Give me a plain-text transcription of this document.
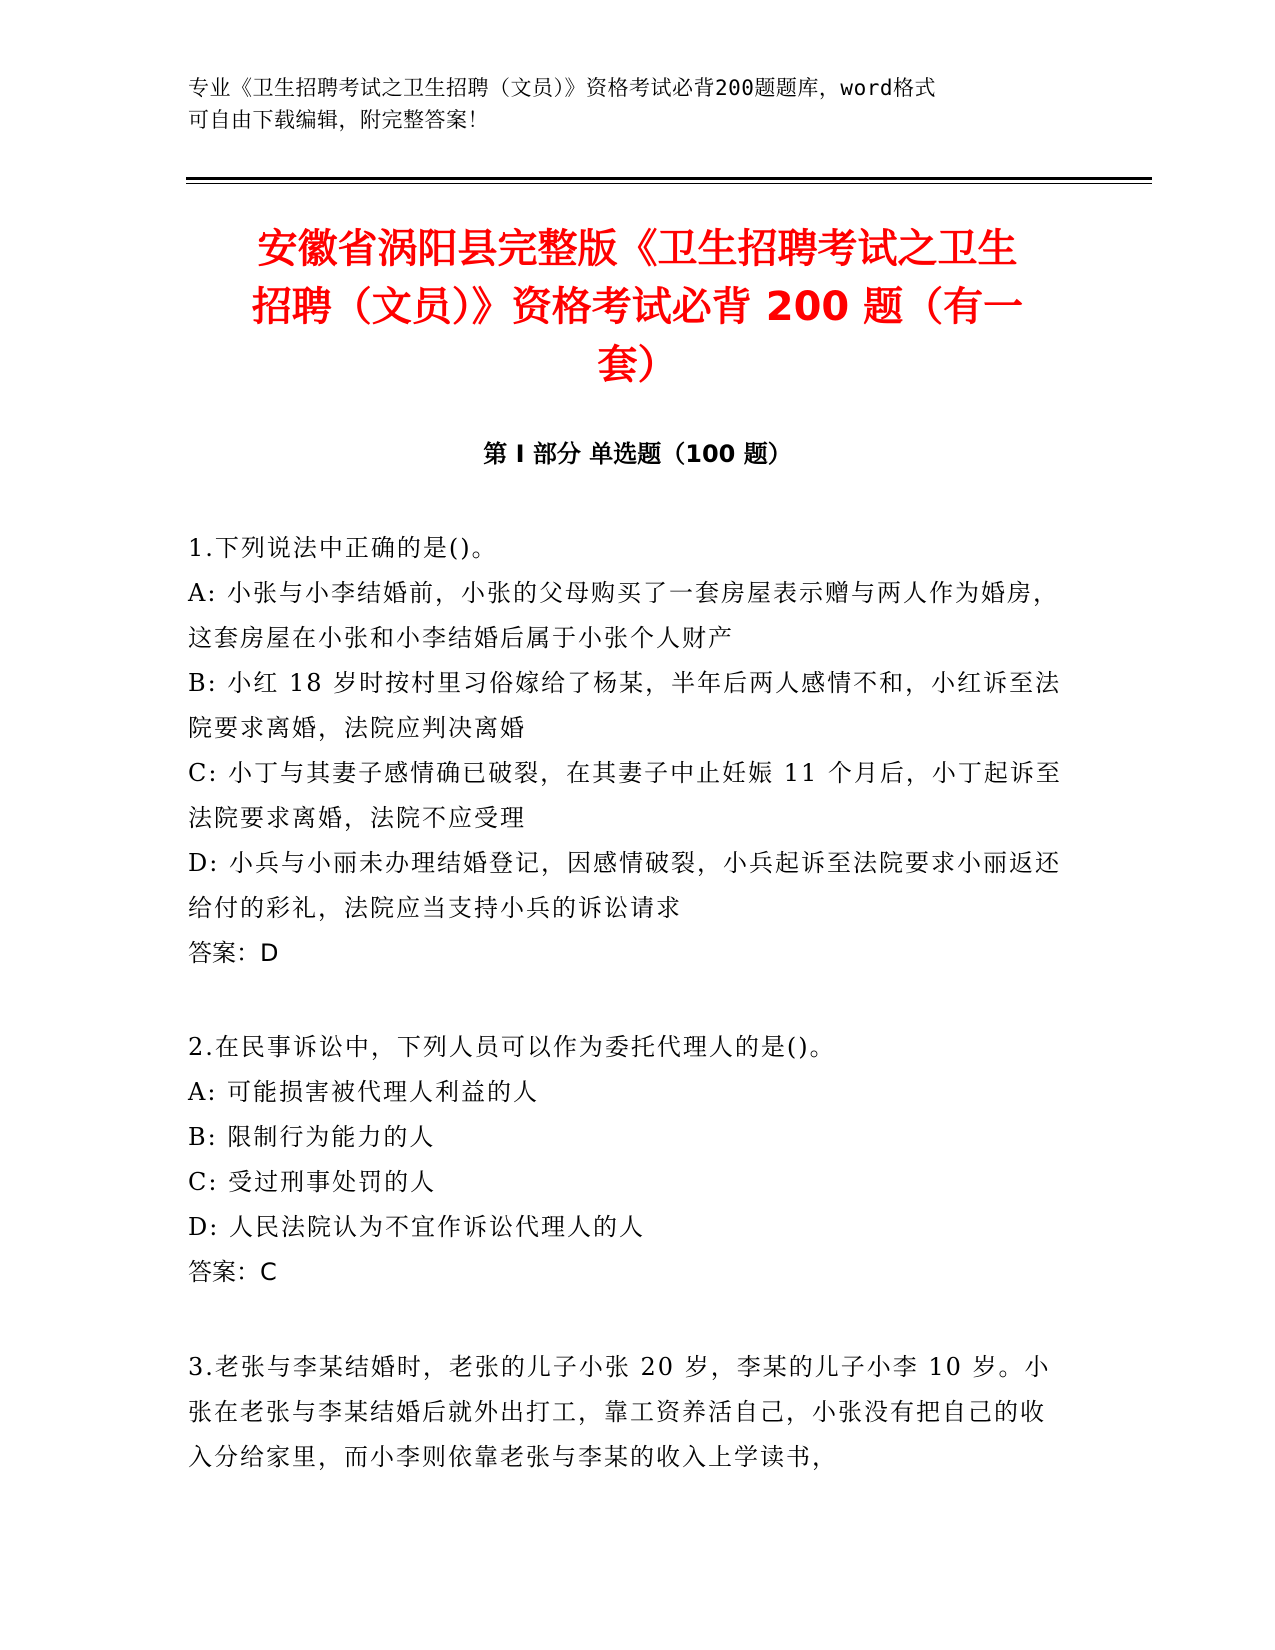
专业《卫生招聘考试之卫生招聘（文员）》资格考试必背200题题库，word格式
可自由下载编辑，附完整答案！
安徽省涡阳县完整版《卫生招聘考试之卫生
招聘（文员）》资格考试必背 200 题（有一
套）
第 I 部分 单选题（100 题）

1.下列说法中正确的是()。

A: 小张与小李结婚前，小张的父母购买了一套房屋表示赠与两人作为婚房，这套房屋在小张和小李结婚后属于小张个人财产

B: 小红 18 岁时按村里习俗嫁给了杨某，半年后两人感情不和，小红诉至法院要求离婚，法院应判决离婚

C: 小丁与其妻子感情确已破裂，在其妻子中止妊娠 11 个月后，小丁起诉至法院要求离婚，法院不应受理

D: 小兵与小丽未办理结婚登记，因感情破裂，小兵起诉至法院要求小丽返还给付的彩礼，法院应当支持小兵的诉讼请求

答案：D

2.在民事诉讼中，下列人员可以作为委托代理人的是()。

A: 可能损害被代理人利益的人

B: 限制行为能力的人

C: 受过刑事处罚的人

D: 人民法院认为不宜作诉讼代理人的人

答案：C

3.老张与李某结婚时，老张的儿子小张 20 岁，李某的儿子小李 10 岁。小张在老张与李某结婚后就外出打工，靠工资养活自己，小张没有把自己的收入分给家里，而小李则依靠老张与李某的收入上学读书，
